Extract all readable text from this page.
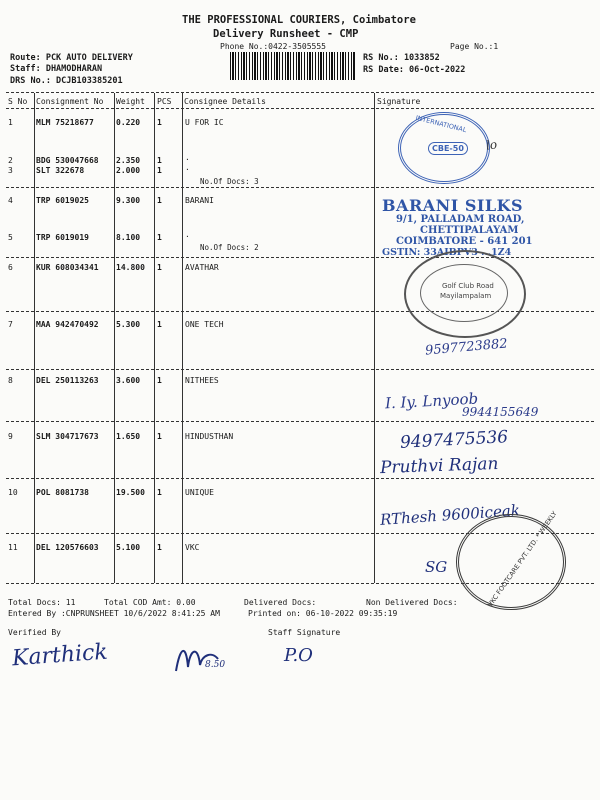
THE PROFESSIONAL COURIERS, Coimbatore
Delivery Runsheet - CMP
Phone No.:0422-3505555	Page No.:1
Route: PCK AUTO DELIVERY
Staff: DHAMODHARAN
DRS No.: DCJB103385201
RS No.: 1033852
RS Date: 06-Oct-2022
S No Consignment No Weight PCS Consignee Details	Signature
1	MLM 75218677	0.220 1	U FOR IC
2	BDG 530047668 2.350 1	.
3	SLT 322678	2.000 1	.
No.Of Docs: 3
4	TRP 6019025	9.300 1	BARANI
5	TRP 6019019	8.100 1	.
No.Of Docs: 2
6	KUR 608034341 14.800 1	AVATHAR
7	MAA 942470492 5.300 1	ONE TECH
8	DEL 250113263 3.600 1	NITHEES
9	SLM 304717673 1.650 1	HINDUSTHAN
10 POL 8081738	19.500 1	UNIQUE
11 DEL 120576603 5.100 1	VKC
INTERNATIONAL
CBE-50	lo
BARANI SILKS
9/1, PALLADAM ROAD,
CHETTIPALAYAM
COIMBATORE - 641 201
GSTIN: 33AIBPV3 ...1Z4
Golf Club Road
Mayilampalam
9597723882
I. Iy. Lnyoob
9944155649
9497475536
Pruthvi Rajan
RThesh 9600iceak
VKC FOOTCARE PVT. LTD. * WEEKLY
SG
Total Docs: 11	Total COD Amt: 0.00	Delivered Docs:	Non Delivered Docs:
Entered By :CNPRUNSHEET 10/6/2022 8:41:25 AM	Printed on: 06-10-2022 09:35:19
Verified By	Staff Signature
Karthick	8.50	P.O
